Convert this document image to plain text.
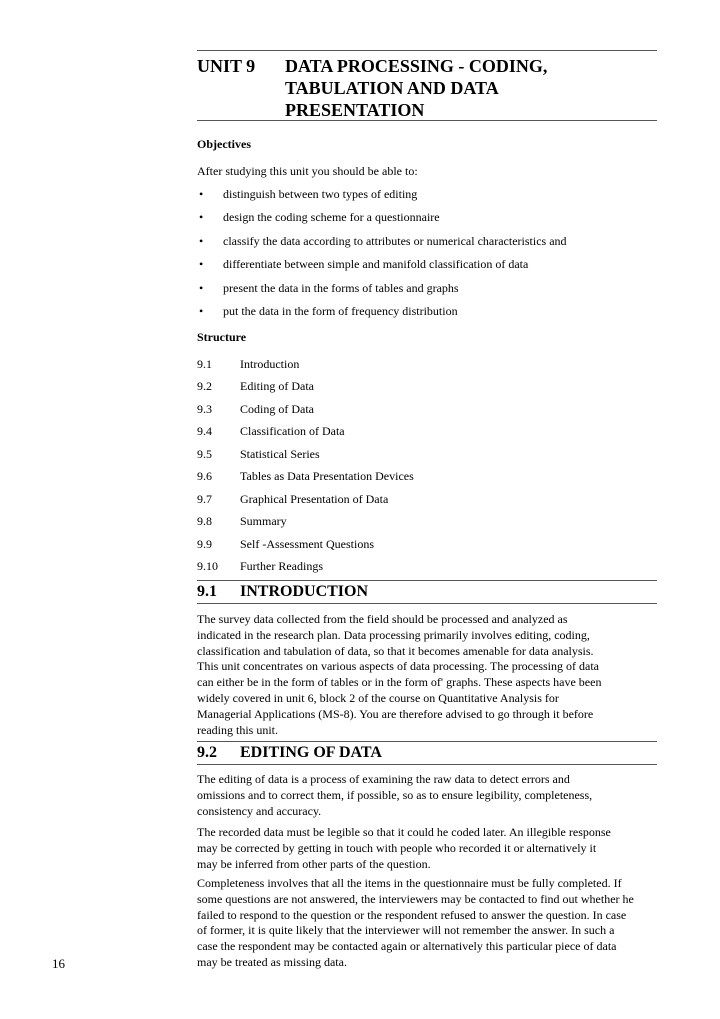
UNIT 9 DATA PROCESSING - CODING,
TABULATION AND DATA
PRESENTATION
Objectives
After studying this unit you should be able to:
• distinguish between two types of editing
• design the coding scheme for a questionnaire
• classify the data according to attributes or numerical characteristics and
• differentiate between simple and manifold classification of data
• present the data in the forms of tables and graphs
• put the data in the form of frequency distribution
Structure
9.1 Introduction
9.2 Editing of Data
9.3 Coding of Data
9.4 Classification of Data
9.5 Statistical Series
9.6 Tables as Data Presentation Devices
9.7 Graphical Presentation of Data
9.8 Summary
9.9 Self -Assessment Questions
9.10 Further Readings
9.1 INTRODUCTION
The survey data collected from the field should be processed and analyzed as
indicated in the research plan. Data processing primarily involves editing, coding,
classification and tabulation of data, so that it becomes amenable for data analysis.
This unit concentrates on various aspects of data processing. The processing of data
can either be in the form of tables or in the form of' graphs. These aspects have been
widely covered in unit 6, block 2 of the course on Quantitative Analysis for
Managerial Applications (MS-8). You are therefore advised to go through it before
reading this unit.
9.2 EDITING OF DATA
The editing of data is a process of examining the raw data to detect errors and
omissions and to correct them, if possible, so as to ensure legibility, completeness,
consistency and accuracy.
The recorded data must be legible so that it could he coded later. An illegible response
may be corrected by getting in touch with people who recorded it or alternatively it
may be inferred from other parts of the question.
Completeness involves that all the items in the questionnaire must be fully completed. If
some questions are not answered, the interviewers may be contacted to find out whether he
failed to respond to the question or the respondent refused to answer the question. In case
of former, it is quite likely that the interviewer will not remember the answer. In such a
case the respondent may be contacted again or alternatively this particular piece of data
may be treated as missing data.
16
